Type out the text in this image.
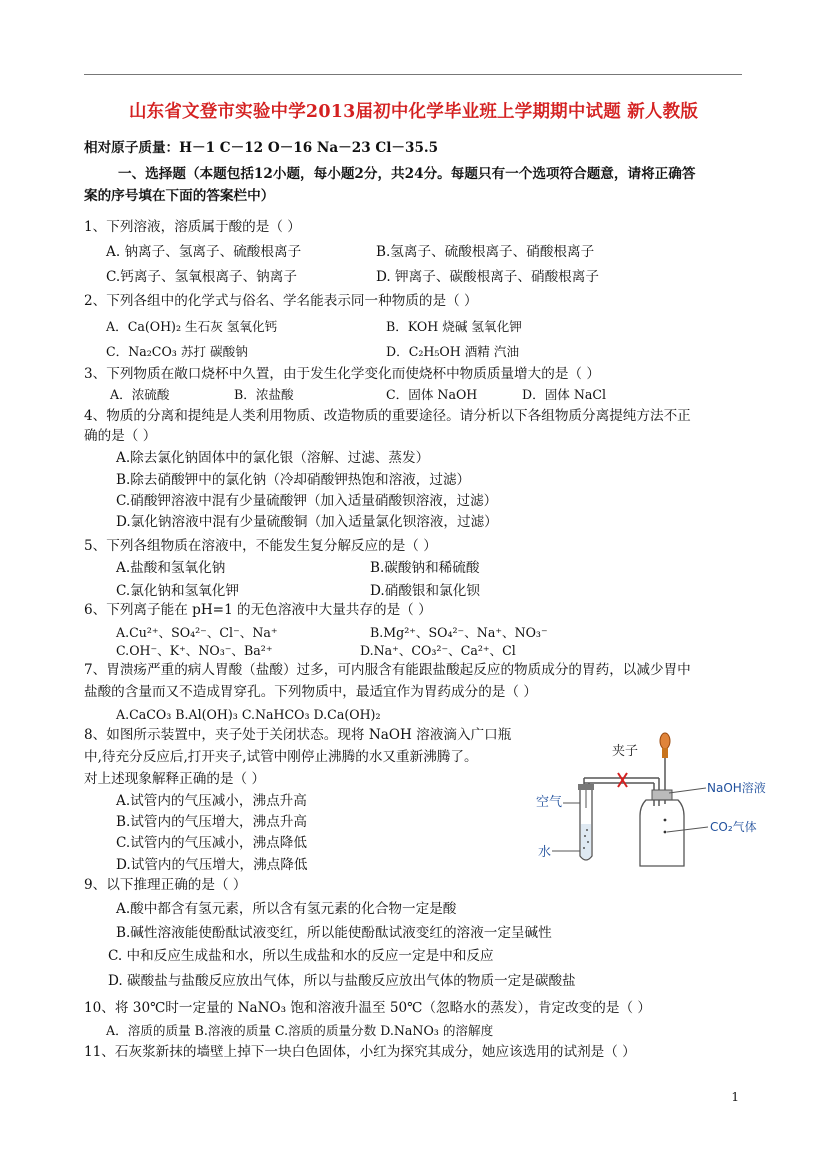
山东省文登市实验中学2013届初中化学毕业班上学期期中试题 新人教版
相对原子质量：H－1 C－12 O－16 Na－23 Cl－35.5
一、选择题（本题包括12小题，每小题2分，共24分。每题只有一个选项符合题意，请将正确答
案的序号填在下面的答案栏中）
1、下列溶液，溶质属于酸的是（ ）
A. 钠离子、氢离子、硫酸根离子	B.氢离子、硫酸根离子、硝酸根离子
C.钙离子、氢氧根离子、钠离子	D. 钾离子、碳酸根离子、硝酸根离子
2、下列各组中的化学式与俗名、学名能表示同一种物质的是（ ）
A．Ca(OH)₂ 生石灰 氢氧化钙	B．KOH 烧碱 氢氧化钾
C．Na₂CO₃ 苏打 碳酸钠	D．C₂H₅OH 酒精 汽油
3、下列物质在敞口烧杯中久置，由于发生化学变化而使烧杯中物质质量增大的是（ ）
A．浓硫酸	B．浓盐酸	C．固体 NaOH	D．固体 NaCl
4、物质的分离和提纯是人类利用物质、改造物质的重要途径。请分析以下各组物质分离提纯方法不正
确的是（ ）
A.除去氯化钠固体中的氯化银（溶解、过滤、蒸发）
B.除去硝酸钾中的氯化钠（冷却硝酸钾热饱和溶液，过滤）
C.硝酸钾溶液中混有少量硫酸钾（加入适量硝酸钡溶液，过滤）
D.氯化钠溶液中混有少量硫酸铜（加入适量氯化钡溶液，过滤）
5、下列各组物质在溶液中，不能发生复分解反应的是（ ）
A.盐酸和氢氧化钠	B.碳酸钠和稀硫酸
C.氯化钠和氢氧化钾	D.硝酸银和氯化钡
6、下列离子能在 pH=1 的无色溶液中大量共存的是（ ）
A.Cu²⁺、SO₄²⁻、Cl⁻、Na⁺	B.Mg²⁺、SO₄²⁻、Na⁺、NO₃⁻
C.OH⁻、K⁺、NO₃⁻、Ba²⁺	D.Na⁺、CO₃²⁻、Ca²⁺、Cl
7、胃溃疡严重的病人胃酸（盐酸）过多，可内服含有能跟盐酸起反应的物质成分的胃药，以减少胃中
盐酸的含量而又不造成胃穿孔。下列物质中，最适宜作为胃药成分的是（ ）
A.CaCO₃ B.Al(OH)₃ C.NaHCO₃ D.Ca(OH)₂
8、如图所示装置中，夹子处于关闭状态。现将 NaOH 溶液滴入广口瓶
中,待充分反应后,打开夹子,试管中刚停止沸腾的水又重新沸腾了。
对上述现象解释正确的是（ ）
A.试管内的气压减小，沸点升高
B.试管内的气压增大，沸点升高
C.试管内的气压减小，沸点降低
D.试管内的气压增大，沸点降低
夹子
空气
水
NaOH溶液
CO₂气体
9、以下推理正确的是（ ）
A.酸中都含有氢元素，所以含有氢元素的化合物一定是酸
B.碱性溶液能使酚酞试液变红，所以能使酚酞试液变红的溶液一定呈碱性
C. 中和反应生成盐和水，所以生成盐和水的反应一定是中和反应
D. 碳酸盐与盐酸反应放出气体，所以与盐酸反应放出气体的物质一定是碳酸盐
10、将 30℃时一定量的 NaNO₃ 饱和溶液升温至 50℃（忽略水的蒸发），肯定改变的是（ ）
A．溶质的质量 B.溶液的质量 C.溶质的质量分数 D.NaNO₃ 的溶解度
11、石灰浆新抹的墙壁上掉下一块白色固体，小红为探究其成分，她应该选用的试剂是（ ）
1
